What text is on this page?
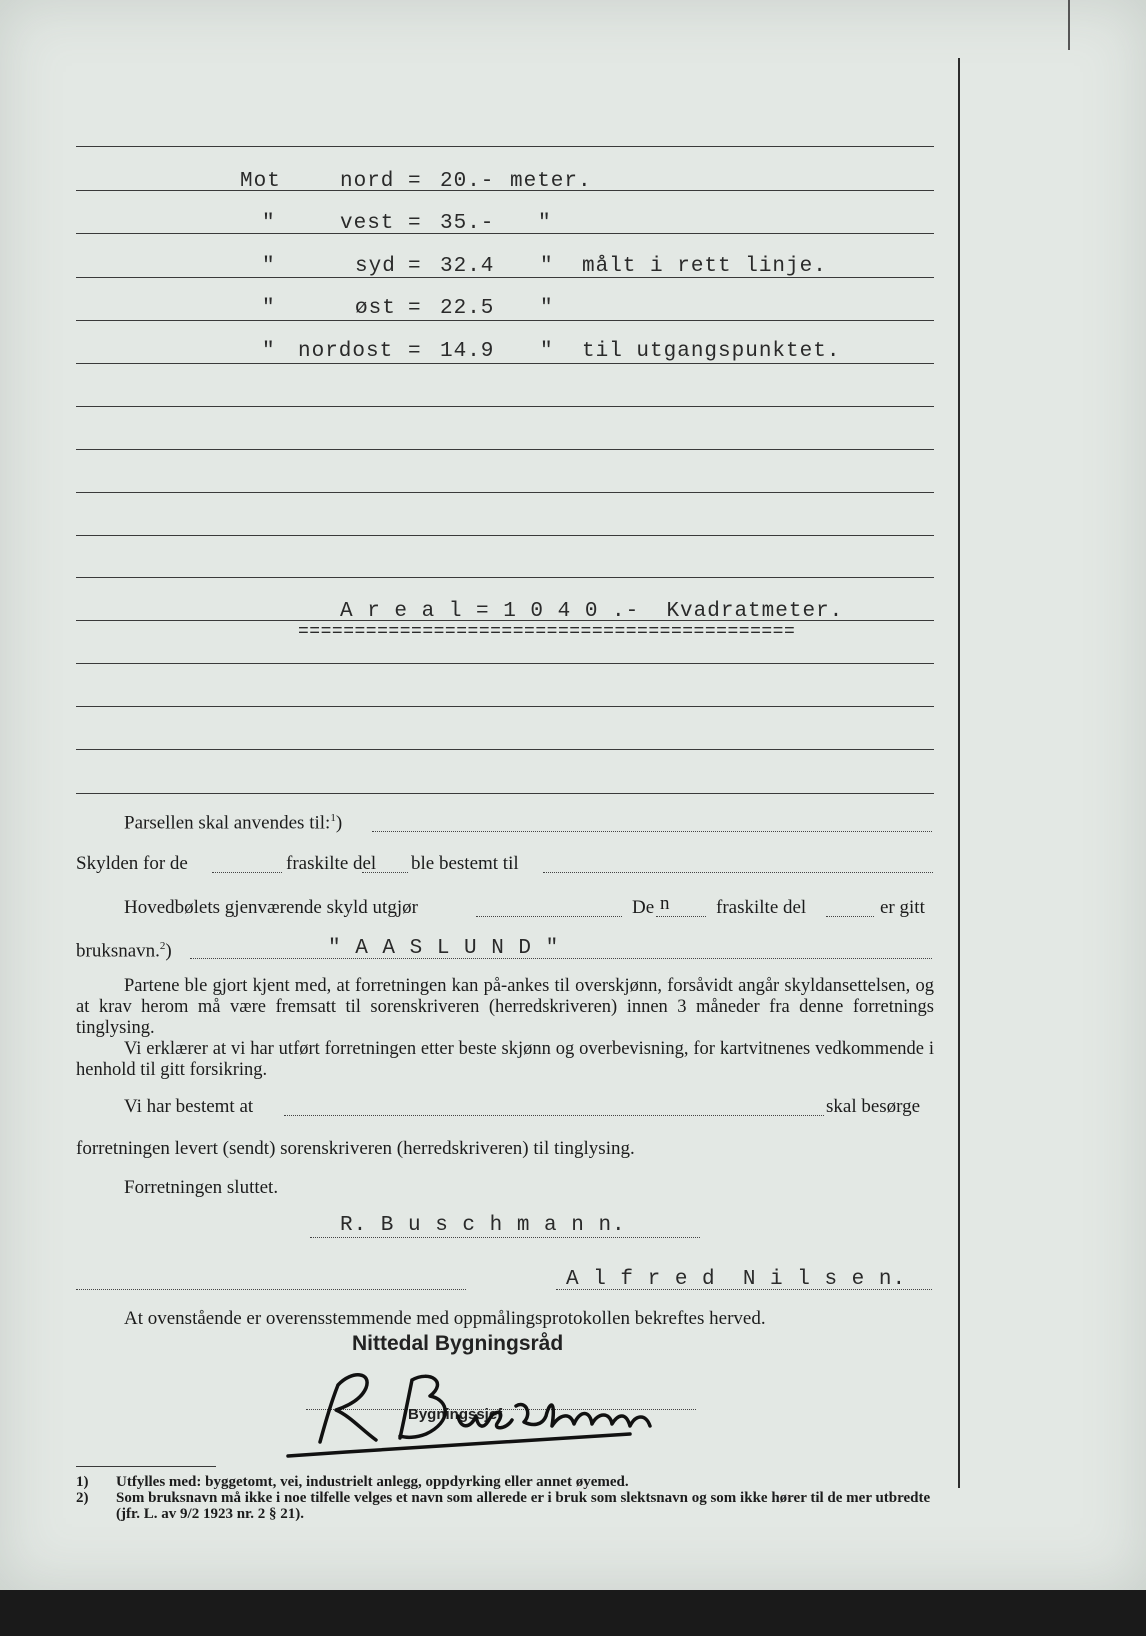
Mot	nord = 20.- meter.
"	vest = 35.- "
"	syd = 32.4 " målt i rett linje.
"	øst = 22.5 "
" nordost = 14.9 " til utgangspunktet.
A r e a l = 1 0 4 0 .-  Kvadratmeter.
============================================
Parsellen skal anvendes til:$^1$)
Skylden for de	fraskilte del ble bestemt til
Hovedbølets gjenværende skyld utgjør	De n fraskilte del	er gitt
bruksnavn.$^2$)	" A A S L U N D "

Partene ble gjort kjent med, at forretningen kan på-ankes til overskjønn, forsåvidt angår skyldansettelsen, og at krav herom må være fremsatt til sorenskriveren (herredskriveren) innen 3 måneder fra denne forretnings tinglysing.

Vi erklærer at vi har utført forretningen etter beste skjønn og overbevisning, for kartvitnenes vedkommende i henhold til gitt forsikring.

Vi har bestemt at	skal besørge
forretningen levert (sendt) sorenskriveren (herredskriveren) til tinglysing.
Forretningen sluttet.
R. B u s c h m a n n.
A l f r e d  N i l s e n.
At ovenstående er overensstemmende med oppmålingsprotokollen bekreftes herved.
Nittedal Bygningsråd
Bygningssjef
1)	Utfylles med: byggetomt, vei, industrielt anlegg, oppdyrking eller annet øyemed.
2)	Som bruksnavn må ikke i noe tilfelle velges et navn som allerede er i bruk som slektsnavn og som ikke hører til de mer utbredte (jfr. L. av 9/2 1923 nr. 2 § 21).
